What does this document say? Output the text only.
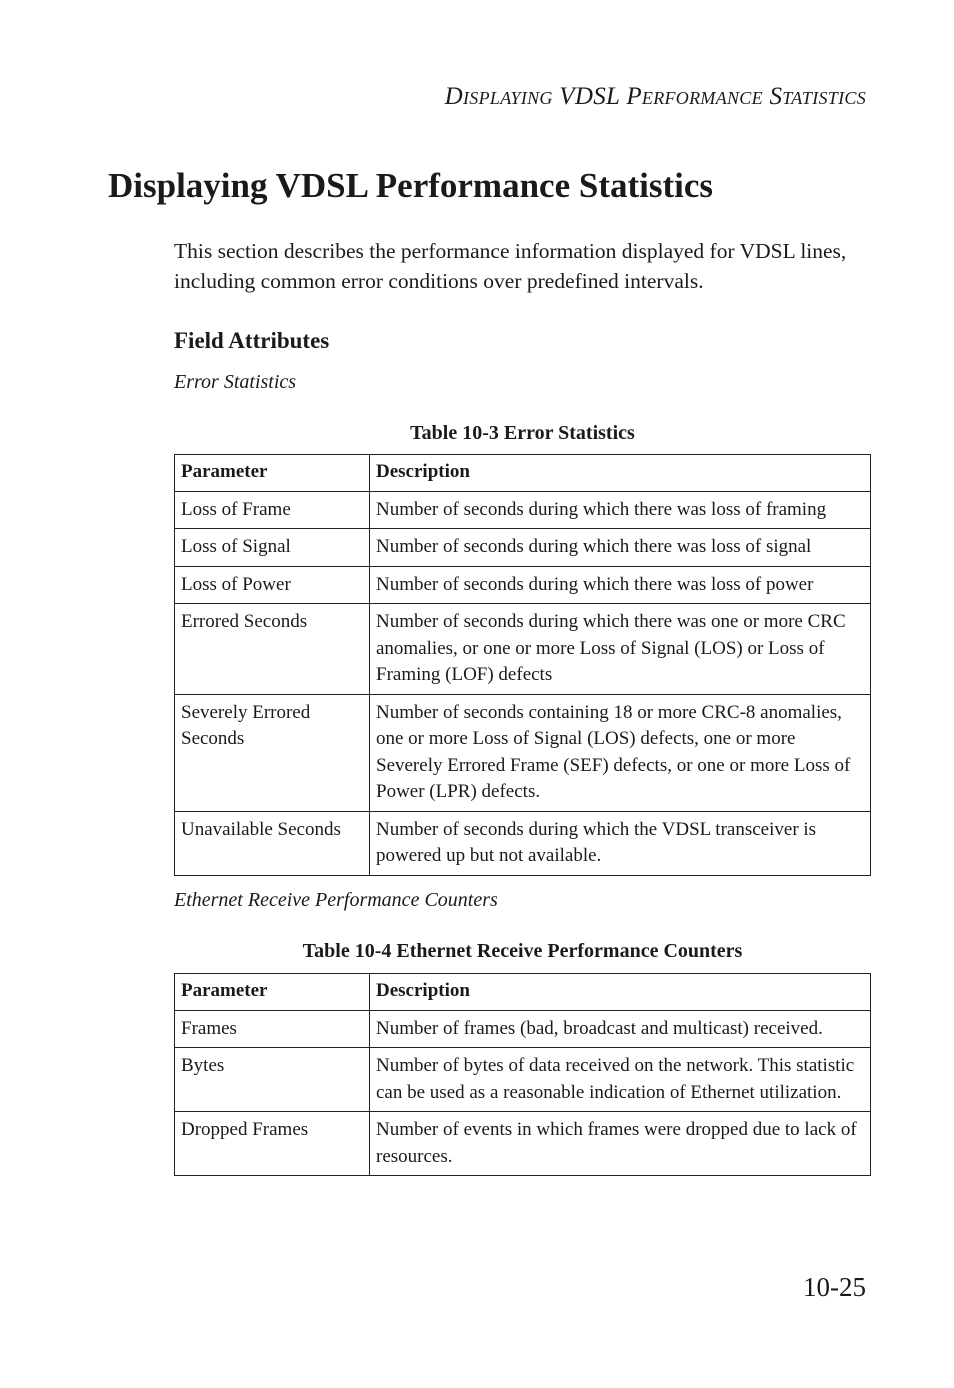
Displaying VDSL Performance Statistics
Displaying VDSL Performance Statistics

This section describes the performance information displayed for VDSL lines, including common error conditions over predefined intervals.

Field Attributes

Error Statistics

Table 10-3 Error Statistics
Parameter	Description
Loss of Frame	Number of seconds during which there was loss of framing
Loss of Signal	Number of seconds during which there was loss of signal
Loss of Power	Number of seconds during which there was loss of power
Errored Seconds	Number of seconds during which there was one or more CRC anomalies, or one or more Loss of Signal (LOS) or Loss of Framing (LOF) defects
Severely Errored Seconds	Number of seconds containing 18 or more CRC-8 anomalies, one or more Loss of Signal (LOS) defects, one or more Severely Errored Frame (SEF) defects, or one or more Loss of Power (LPR) defects.
Unavailable Seconds	Number of seconds during which the VDSL transceiver is powered up but not available.

Ethernet Receive Performance Counters

Table 10-4 Ethernet Receive Performance Counters
Parameter	Description
Frames	Number of frames (bad, broadcast and multicast) received.
Bytes	Number of bytes of data received on the network. This statistic can be used as a reasonable indication of Ethernet utilization.
Dropped Frames	Number of events in which frames were dropped due to lack of resources.
10-25
